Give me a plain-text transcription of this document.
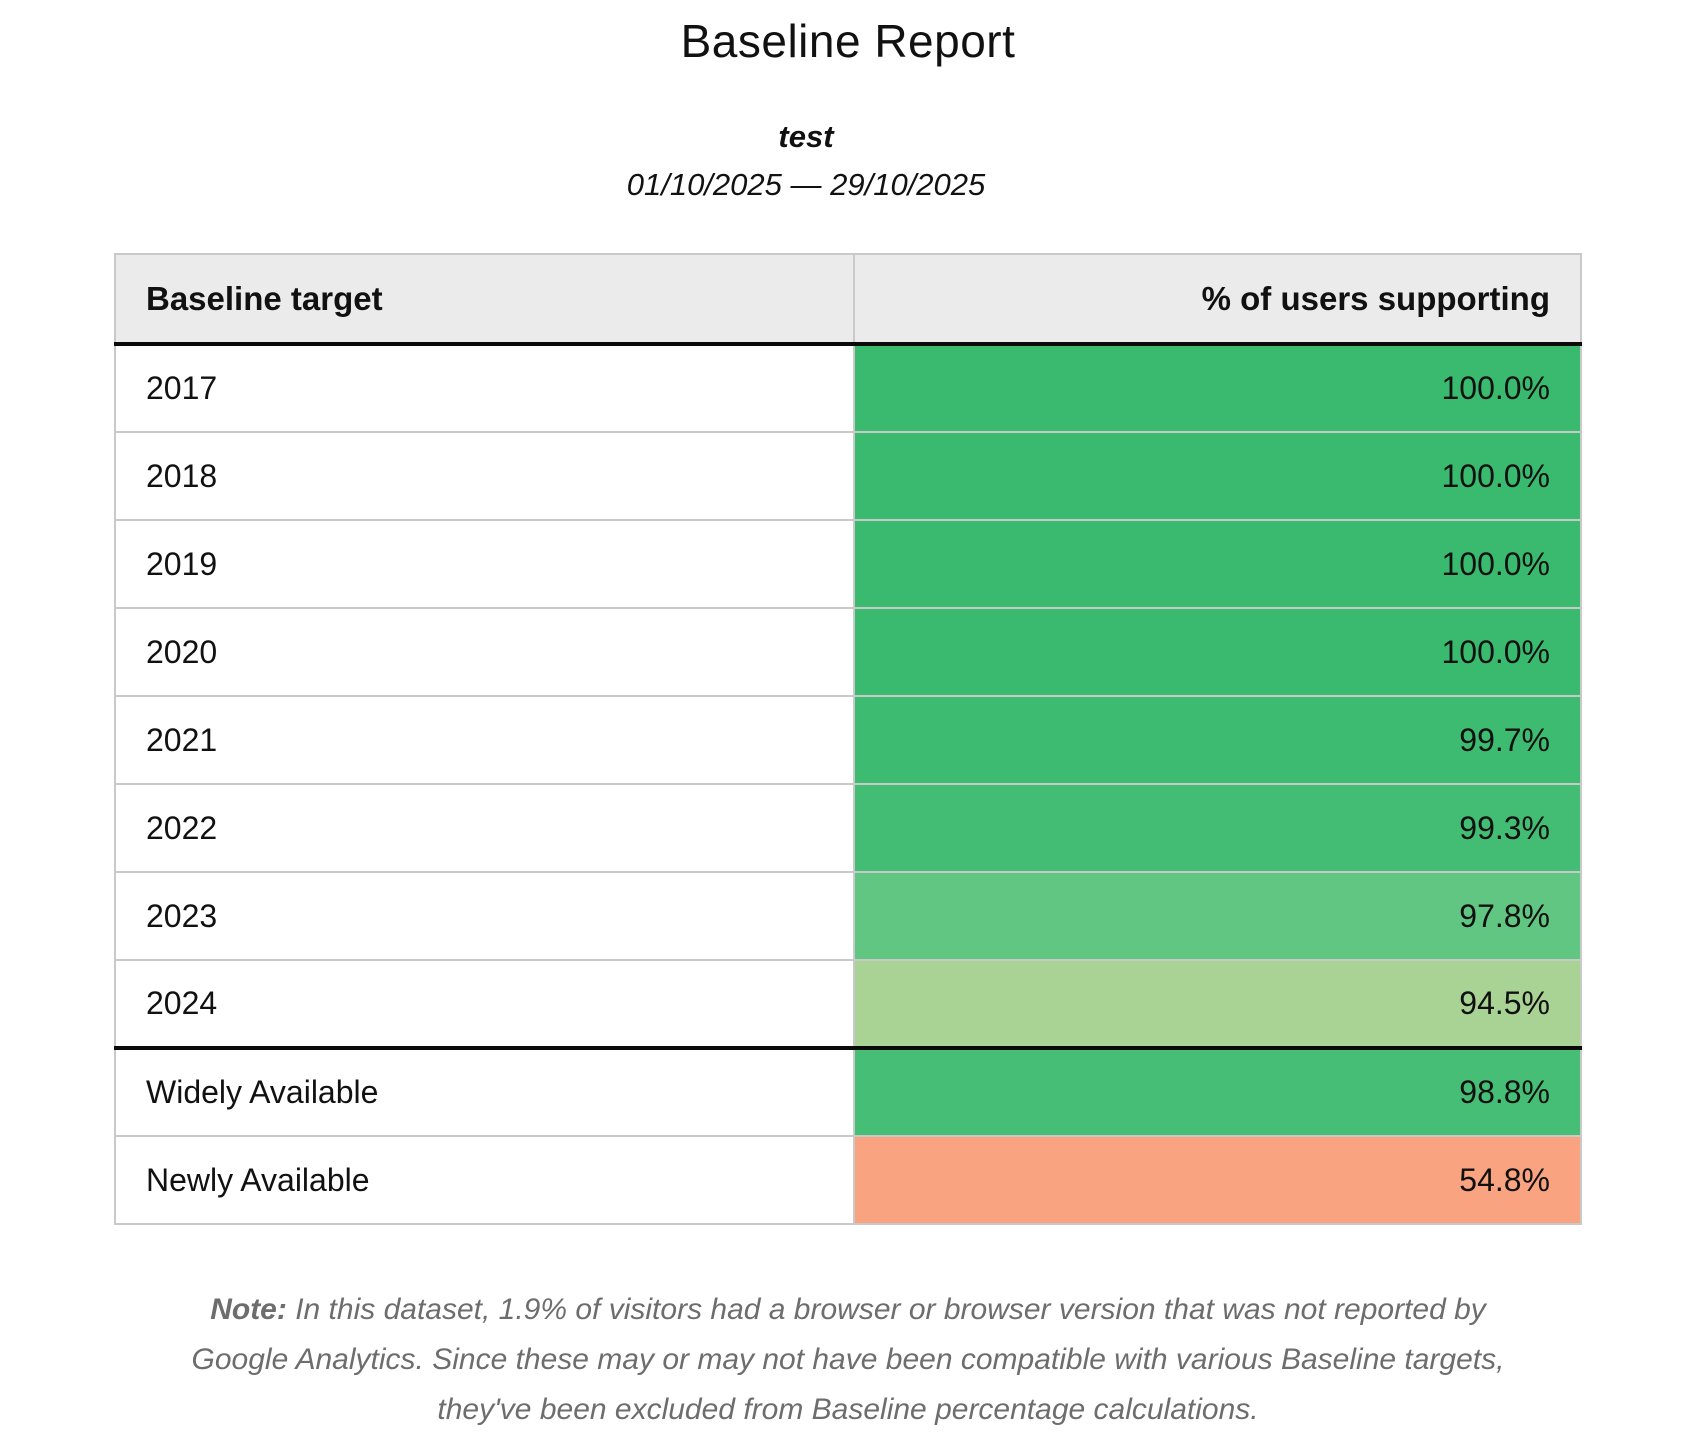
Baseline Report
test
01/10/2025 — 29/10/2025
Baseline target	% of users supporting
2017	100.0%
2018	100.0%
2019	100.0%
2020	100.0%
2021	99.7%
2022	99.3%
2023	97.8%
2024	94.5%
Widely Available	98.8%
Newly Available	54.8%

Note: In this dataset, 1.9% of visitors had a browser or browser version that was not reported by Google Analytics. Since these may or may not have been compatible with various Baseline targets, they've been excluded from Baseline percentage calculations.
